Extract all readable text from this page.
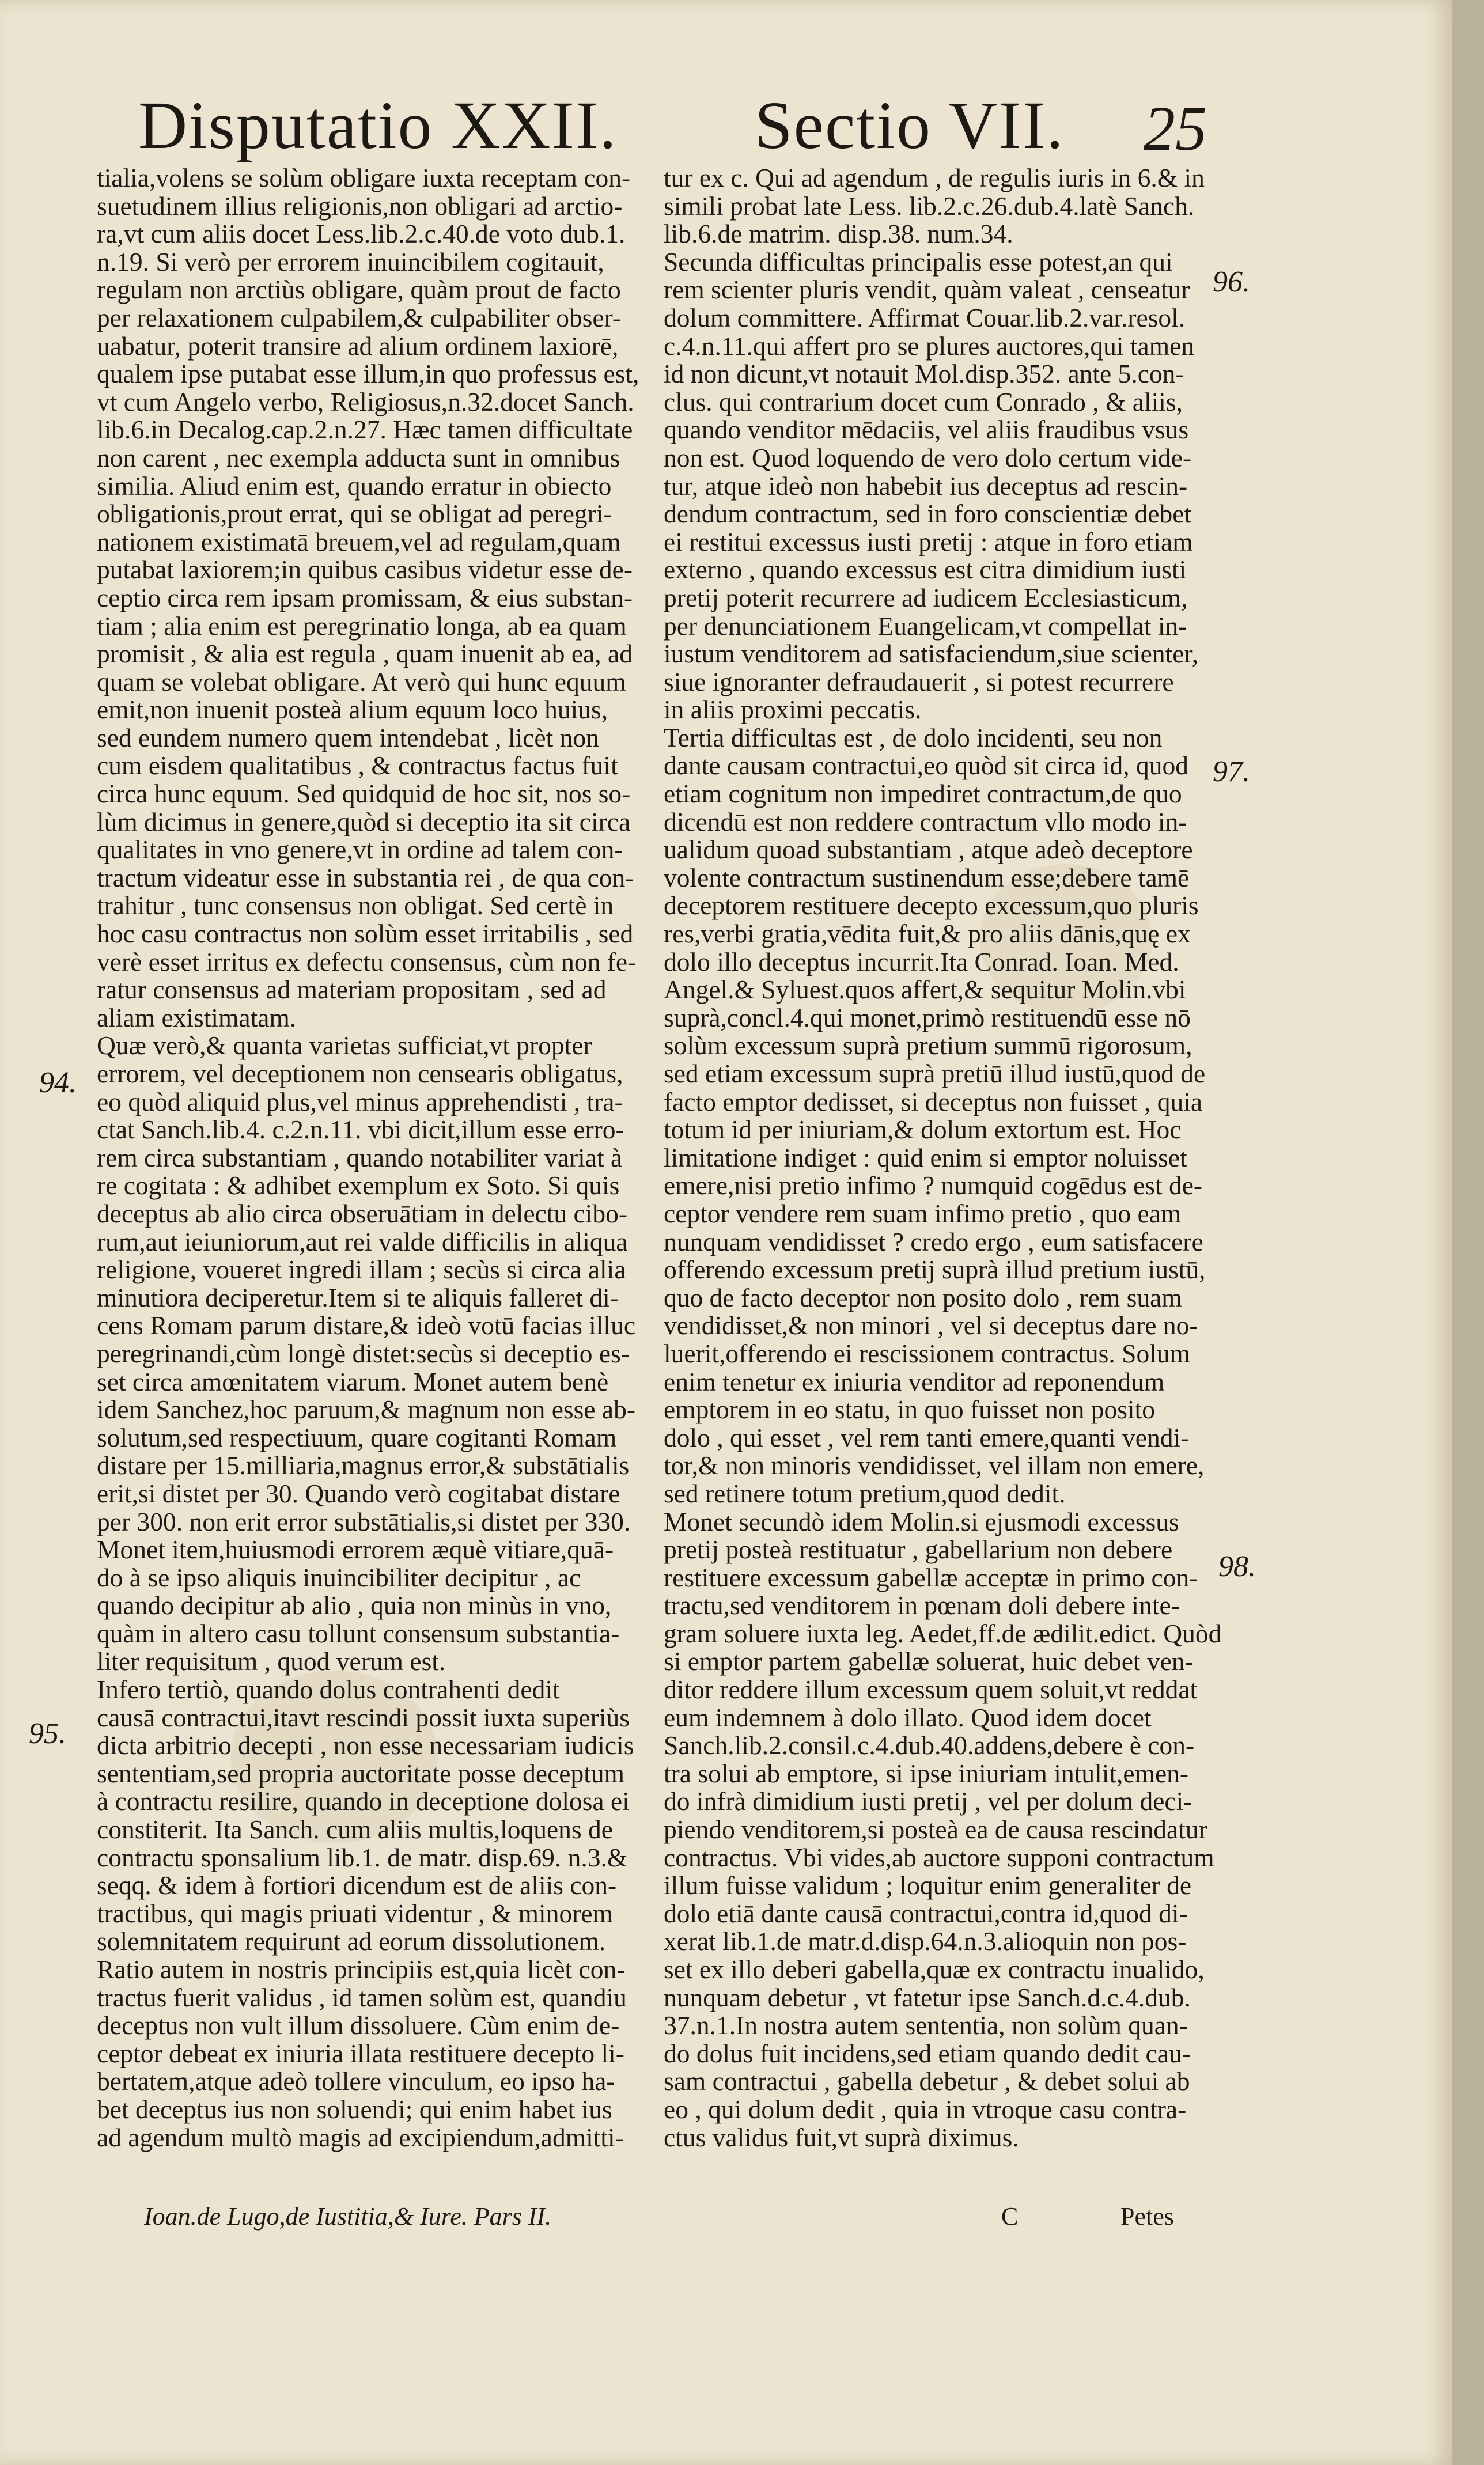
Disputatio XXII. Sectio VII. 25
tialia,volens se solùm obligare iuxta receptam con-
suetudinem illius religionis,non obligari ad arctio-
ra,vt cum aliis docet Less.lib.2.c.40.de voto dub.1.
n.19. Si verò per errorem inuincibilem cogitauit,
regulam non arctiùs obligare, quàm prout de facto
per relaxationem culpabilem,& culpabiliter obser-
uabatur, poterit transire ad alium ordinem laxiorē,
qualem ipse putabat esse illum,in quo professus est,
vt cum Angelo verbo, Religiosus,n.32.docet Sanch.
lib.6.in Decalog.cap.2.n.27. Hæc tamen difficultate
non carent , nec exempla adducta sunt in omnibus
similia. Aliud enim est, quando erratur in obiecto
obligationis,prout errat, qui se obligat ad peregri-
nationem existimatā breuem,vel ad regulam,quam
putabat laxiorem;in quibus casibus videtur esse de-
ceptio circa rem ipsam promissam, & eius substan-
tiam ; alia enim est peregrinatio longa, ab ea quam
promisit , & alia est regula , quam inuenit ab ea, ad
quam se volebat obligare. At verò qui hunc equum
emit,non inuenit posteà alium equum loco huius,
sed eundem numero quem intendebat , licèt non
cum eisdem qualitatibus , & contractus factus fuit
circa hunc equum. Sed quidquid de hoc sit, nos so-
lùm dicimus in genere,quòd si deceptio ita sit circa
qualitates in vno genere,vt in ordine ad talem con-
tractum videatur esse in substantia rei , de qua con-
trahitur , tunc consensus non obligat. Sed certè in
hoc casu contractus non solùm esset irritabilis , sed
verè esset irritus ex defectu consensus, cùm non fe-
ratur consensus ad materiam propositam , sed ad
aliam existimatam.
Quæ verò,& quanta varietas sufficiat,vt propter
errorem, vel deceptionem non censearis obligatus,
eo quòd aliquid plus,vel minus apprehendisti , tra-
ctat Sanch.lib.4. c.2.n.11. vbi dicit,illum esse erro-
rem circa substantiam , quando notabiliter variat à
re cogitata : & adhibet exemplum ex Soto. Si quis
deceptus ab alio circa obseruātiam in delectu cibo-
rum,aut ieiuniorum,aut rei valde difficilis in aliqua
religione, voueret ingredi illam ; secùs si circa alia
minutiora deciperetur.Item si te aliquis falleret di-
cens Romam parum distare,& ideò votū facias illuc
peregrinandi,cùm longè distet:secùs si deceptio es-
set circa amœnitatem viarum. Monet autem benè
idem Sanchez,hoc paruum,& magnum non esse ab-
solutum,sed respectiuum, quare cogitanti Romam
distare per 15.milliaria,magnus error,& substātialis
erit,si distet per 30. Quando verò cogitabat distare
per 300. non erit error substātialis,si distet per 330.
Monet item,huiusmodi errorem æquè vitiare,quā-
do à se ipso aliquis inuincibiliter decipitur , ac
quando decipitur ab alio , quia non minùs in vno,
quàm in altero casu tollunt consensum substantia-
liter requisitum , quod verum est.
Infero tertiò, quando dolus contrahenti dedit
causā contractui,itavt rescindi possit iuxta superiùs
dicta arbitrio decepti , non esse necessariam iudicis
sententiam,sed propria auctoritate posse deceptum
à contractu resilire, quando in deceptione dolosa ei
constiterit. Ita Sanch. cum aliis multis,loquens de
contractu sponsalium lib.1. de matr. disp.69. n.3.&
seqq. & idem à fortiori dicendum est de aliis con-
tractibus, qui magis priuati videntur , & minorem
solemnitatem requirunt ad eorum dissolutionem.
Ratio autem in nostris principiis est,quia licèt con-
tractus fuerit validus , id tamen solùm est, quandiu
deceptus non vult illum dissoluere. Cùm enim de-
ceptor debeat ex iniuria illata restituere decepto li-
bertatem,atque adeò tollere vinculum, eo ipso ha-
bet deceptus ius non soluendi; qui enim habet ius
ad agendum multò magis ad excipiendum,admitti-
tur ex c. Qui ad agendum , de regulis iuris in 6.& in
simili probat late Less. lib.2.c.26.dub.4.latè Sanch.
lib.6.de matrim. disp.38. num.34.
Secunda difficultas principalis esse potest,an qui
rem scienter pluris vendit, quàm valeat , censeatur
dolum committere. Affirmat Couar.lib.2.var.resol.
c.4.n.11.qui affert pro se plures auctores,qui tamen
id non dicunt,vt notauit Mol.disp.352. ante 5.con-
clus. qui contrarium docet cum Conrado , & aliis,
quando venditor mēdaciis, vel aliis fraudibus vsus
non est. Quod loquendo de vero dolo certum vide-
tur, atque ideò non habebit ius deceptus ad rescin-
dendum contractum, sed in foro conscientiæ debet
ei restitui excessus iusti pretij : atque in foro etiam
externo , quando excessus est citra dimidium iusti
pretij poterit recurrere ad iudicem Ecclesiasticum,
per denunciationem Euangelicam,vt compellat in-
iustum venditorem ad satisfaciendum,siue scienter,
siue ignoranter defraudauerit , si potest recurrere
in aliis proximi peccatis.
Tertia difficultas est , de dolo incidenti, seu non
dante causam contractui,eo quòd sit circa id, quod
etiam cognitum non impediret contractum,de quo
dicendū est non reddere contractum vllo modo in-
ualidum quoad substantiam , atque adeò deceptore
volente contractum sustinendum esse;debere tamē
deceptorem restituere decepto excessum,quo pluris
res,verbi gratia,vēdita fuit,& pro aliis dānis,quę ex
dolo illo deceptus incurrit.Ita Conrad. Ioan. Med.
Angel.& Syluest.quos affert,& sequitur Molin.vbi
suprà,concl.4.qui monet,primò restituendū esse nō
solùm excessum suprà pretium summū rigorosum,
sed etiam excessum suprà pretiū illud iustū,quod de
facto emptor dedisset, si deceptus non fuisset , quia
totum id per iniuriam,& dolum extortum est. Hoc
limitatione indiget : quid enim si emptor noluisset
emere,nisi pretio infimo ? numquid cogēdus est de-
ceptor vendere rem suam infimo pretio , quo eam
nunquam vendidisset ? credo ergo , eum satisfacere
offerendo excessum pretij suprà illud pretium iustū,
quo de facto deceptor non posito dolo , rem suam
vendidisset,& non minori , vel si deceptus dare no-
luerit,offerendo ei rescissionem contractus. Solum
enim tenetur ex iniuria venditor ad reponendum
emptorem in eo statu, in quo fuisset non posito
dolo , qui esset , vel rem tanti emere,quanti vendi-
tor,& non minoris vendidisset, vel illam non emere,
sed retinere totum pretium,quod dedit.
Monet secundò idem Molin.si ejusmodi excessus
pretij posteà restituatur , gabellarium non debere
restituere excessum gabellæ acceptæ in primo con-
tractu,sed venditorem in pœnam doli debere inte-
gram soluere iuxta leg. Aedet,ff.de ædilit.edict. Quòd
si emptor partem gabellæ soluerat, huic debet ven-
ditor reddere illum excessum quem soluit,vt reddat
eum indemnem à dolo illato. Quod idem docet
Sanch.lib.2.consil.c.4.dub.40.addens,debere è con-
tra solui ab emptore, si ipse iniuriam intulit,emen-
do infrà dimidium iusti pretij , vel per dolum deci-
piendo venditorem,si posteà ea de causa rescindatur
contractus. Vbi vides,ab auctore supponi contractum
illum fuisse validum ; loquitur enim generaliter de
dolo etiā dante causā contractui,contra id,quod di-
xerat lib.1.de matr.d.disp.64.n.3.alioquin non pos-
set ex illo deberi gabella,quæ ex contractu inualido,
nunquam debetur , vt fatetur ipse Sanch.d.c.4.dub.
37.n.1.In nostra autem sententia, non solùm quan-
do dolus fuit incidens,sed etiam quando dedit cau-
sam contractui , gabella debetur , & debet solui ab
eo , qui dolum dedit , quia in vtroque casu contra-
ctus validus fuit,vt suprà diximus.
94.
95.
96.
97.
98.
Ioan.de Lugo,de Iustitia,& Iure. Pars II.	C	Petes
